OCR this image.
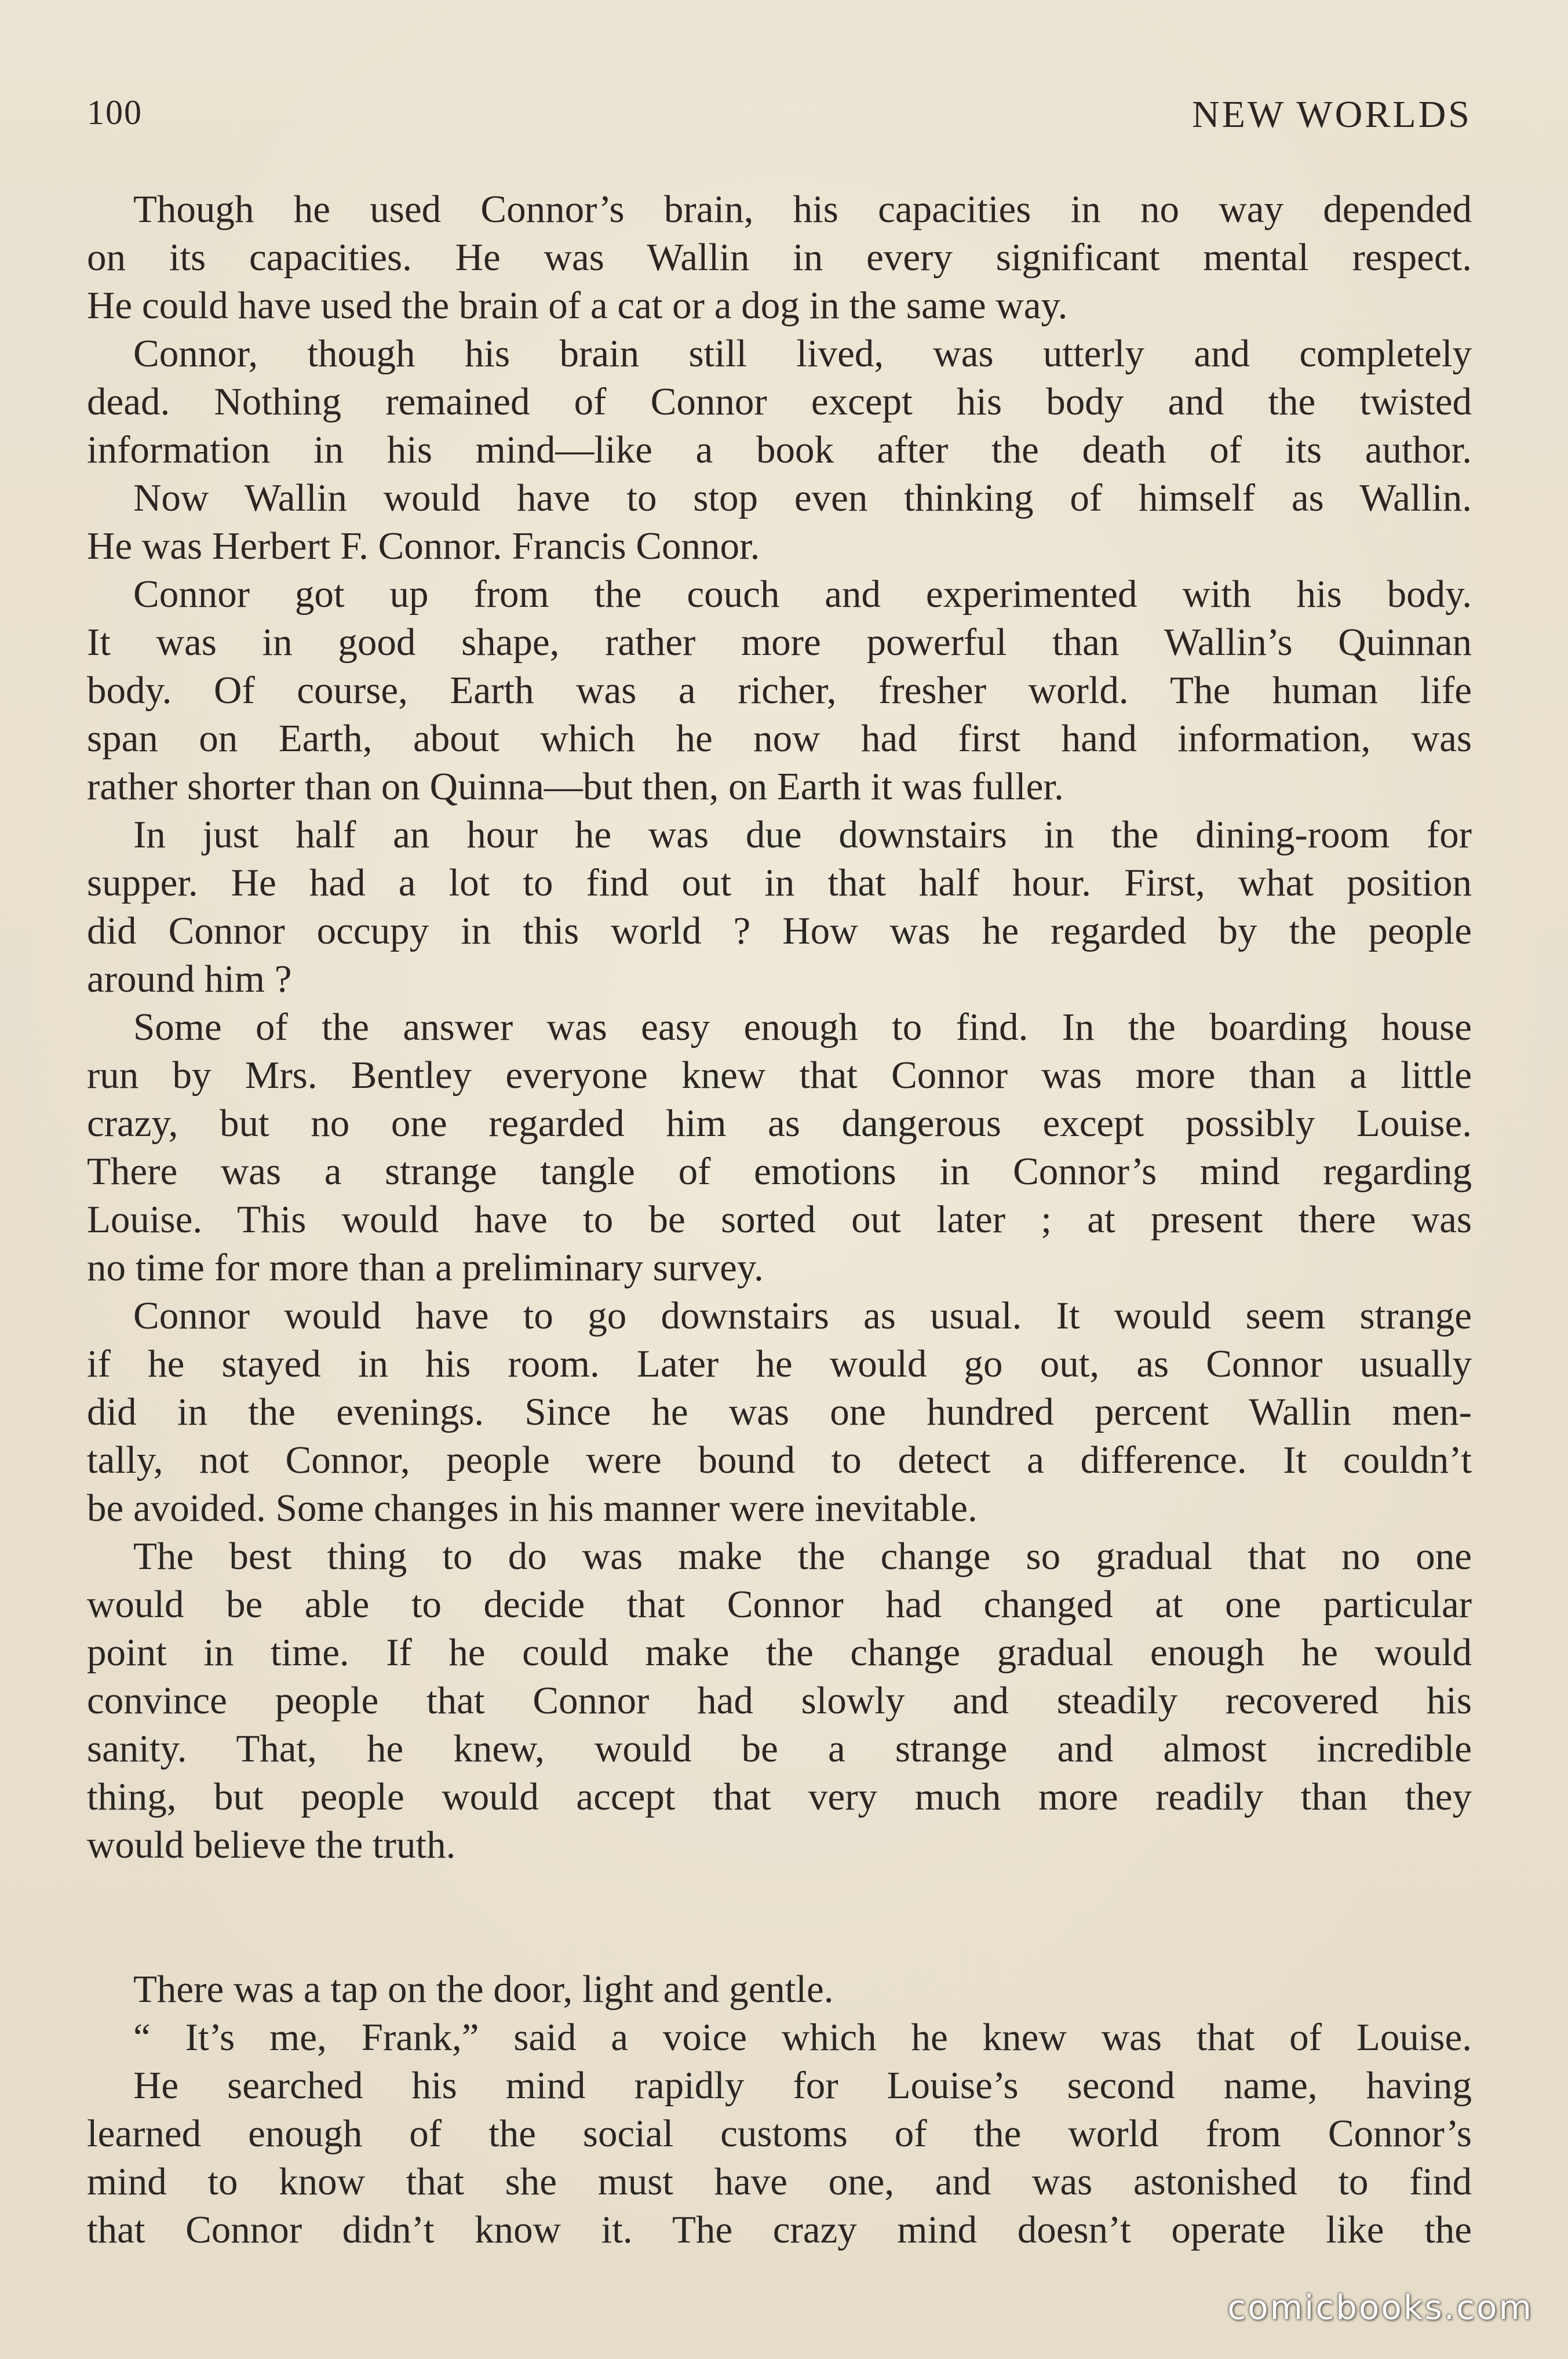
100	NEW WORLDS
Though he used Connor’s brain, his capacities in no way depended
on its capacities. He was Wallin in every significant mental respect.
He could have used the brain of a cat or a dog in the same way.
Connor, though his brain still lived, was utterly and completely
dead. Nothing remained of Connor except his body and the twisted
information in his mind—like a book after the death of its author.
Now Wallin would have to stop even thinking of himself as Wallin.
He was Herbert F. Connor. Francis Connor.
Connor got up from the couch and experimented with his body.
It was in good shape, rather more powerful than Wallin’s Quinnan
body. Of course, Earth was a richer, fresher world. The human life
span on Earth, about which he now had first hand information, was
rather shorter than on Quinna—but then, on Earth it was fuller.
In just half an hour he was due downstairs in the dining-room for
supper. He had a lot to find out in that half hour. First, what position
did Connor occupy in this world ? How was he regarded by the people
around him ?
Some of the answer was easy enough to find. In the boarding house
run by Mrs. Bentley everyone knew that Connor was more than a little
crazy, but no one regarded him as dangerous except possibly Louise.
There was a strange tangle of emotions in Connor’s mind regarding
Louise. This would have to be sorted out later ; at present there was
no time for more than a preliminary survey.
Connor would have to go downstairs as usual. It would seem strange
if he stayed in his room. Later he would go out, as Connor usually
did in the evenings. Since he was one hundred percent Wallin men-
tally, not Connor, people were bound to detect a difference. It couldn’t
be avoided. Some changes in his manner were inevitable.
The best thing to do was make the change so gradual that no one
would be able to decide that Connor had changed at one particular
point in time. If he could make the change gradual enough he would
convince people that Connor had slowly and steadily recovered his
sanity. That, he knew, would be a strange and almost incredible
thing, but people would accept that very much more readily than they
would believe the truth.
There was a tap on the door, light and gentle.
“ It’s me, Frank,” said a voice which he knew was that of Louise.
He searched his mind rapidly for Louise’s second name, having
learned enough of the social customs of the world from Connor’s
mind to know that she must have one, and was astonished to find
that Connor didn’t know it. The crazy mind doesn’t operate like the
comicbooks.com
